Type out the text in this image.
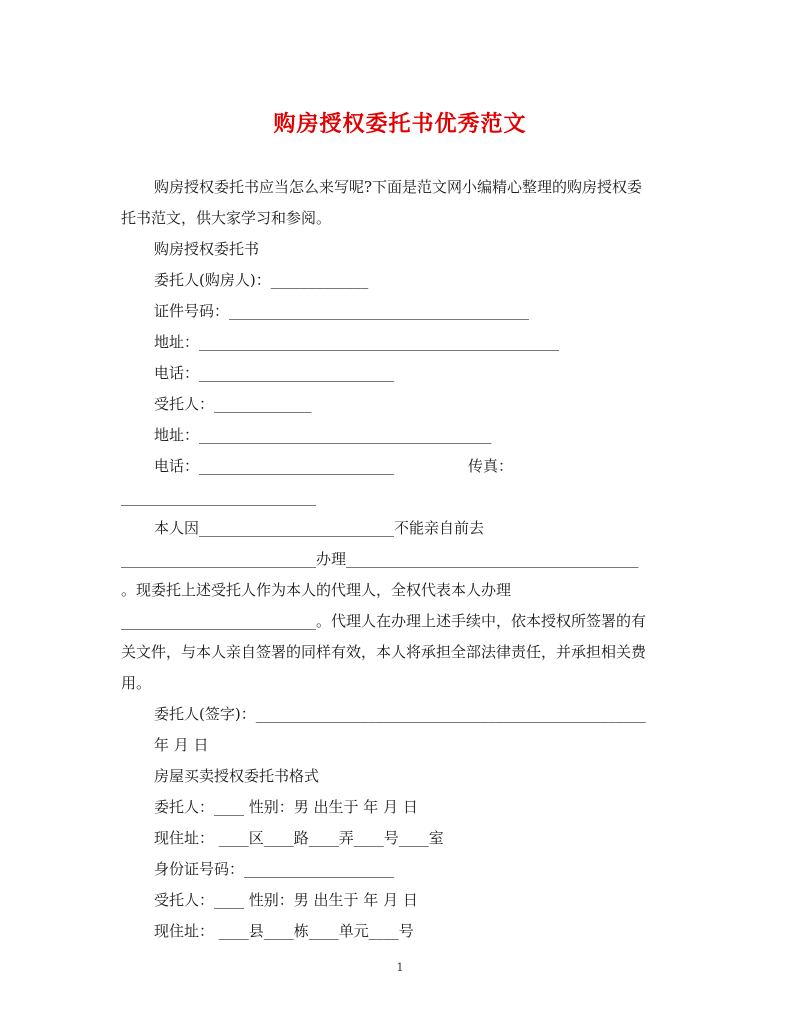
购房授权委托书优秀范文
购房授权委托书应当怎么来写呢?下面是范文网小编精心整理的购房授权委
托书范文，供大家学习和参阅。
购房授权委托书
委托人(购房人)：_____________
证件号码：________________________________________
地址：________________________________________________
电话：__________________________
受托人：_____________
地址：_______________________________________
电话：__________________________	传真：
__________________________
本人因__________________________不能亲自前去
__________________________办理_______________________________________
。现委托上述受托人作为本人的代理人，全权代表本人办理
__________________________。代理人在办理上述手续中，依本授权所签署的有
关文件，与本人亲自签署的同样有效，本人将承担全部法律责任，并承担相关费
用。
委托人(签字)：____________________________________________________
年 月 日
房屋买卖授权委托书格式
委托人：____ 性别：男 出生于 年 月 日
现住址： ____区____路____弄____号____室
身份证号码：____________________
受托人：____ 性别：男 出生于 年 月 日
现住址： ____县____栋____单元____号
1
